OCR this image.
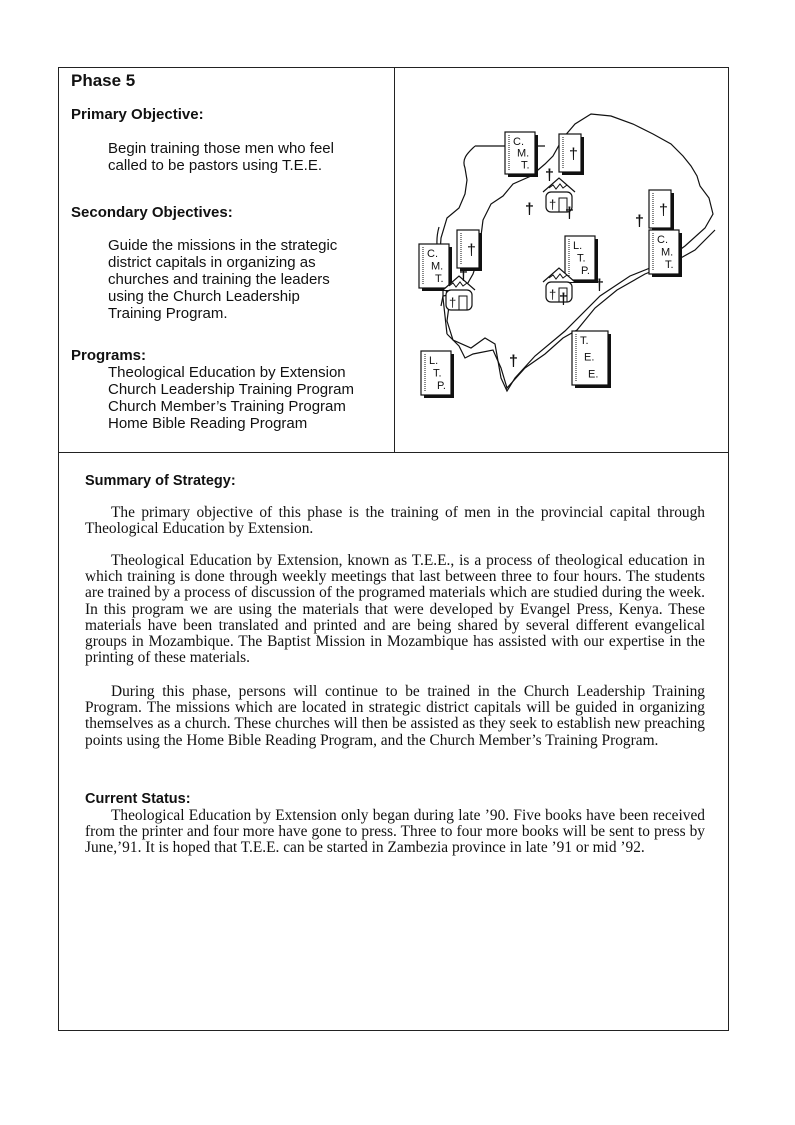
Phase 5
Primary Objective:
Begin training those men who feel
called to be pastors using T.E.E.
Secondary Objectives:
Guide the missions in the strategic
district capitals in organizing as
churches and training the leaders
using the Church Leadership
Training Program.
Programs:
Theological Education by Extension
Church Leadership Training Program
Church Member’s Training Program
Home Bible Reading Program
C.
M.
T.
†
†
C.
M.
T.
†
C.
M.
T.
L.
T.
P.
L.
T.
P.
T.
E.
E.
†
†
†
†
† †	†
†
†
†
†
Summary of Strategy:
The primary objective of this phase is the training of men in the provincial capital through Theological Education by Extension.
Theological Education by Extension, known as T.E.E., is a process of theological education in which training is done through weekly meetings that last between three to four hours. The students are trained by a process of discussion of the programed materials which are studied during the week. In this program we are using the materials that were developed by Evangel Press, Kenya. These materials have been translated and printed and are being shared by several different evangelical groups in Mozambique. The Baptist Mission in Mozambique has assisted with our expertise in the printing of these materials.
During this phase, persons will continue to be trained in the Church Leadership Training Program. The missions which are located in strategic district capitals will be guided in organizing themselves as a church. These churches will then be assisted as they seek to establish new preaching points using the Home Bible Reading Program, and the Church Member’s Training Program.
Current Status:
Theological Education by Extension only began during late ’90. Five books have been received from the printer and four more have gone to press. Three to four more books will be sent to press by June,’91. It is hoped that T.E.E. can be started in Zambezia province in late ’91 or mid ’92.
